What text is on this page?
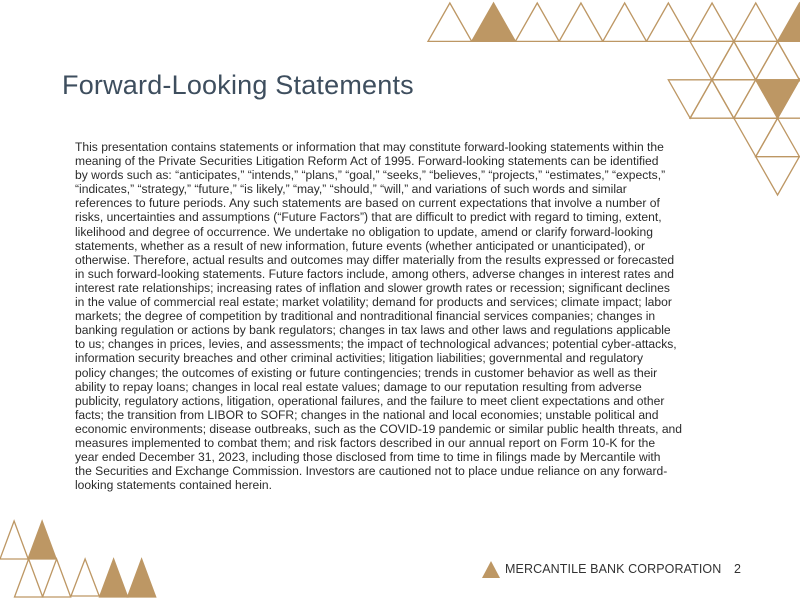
Forward-Looking Statements
This presentation contains statements or information that may constitute forward-looking statements within the
meaning of the Private Securities Litigation Reform Act of 1995. Forward-looking statements can be identified
by words such as: “anticipates,” “intends,” “plans,” “goal,” “seeks,” “believes,” “projects,” “estimates,” “expects,”
“indicates,” “strategy,” “future,” “is likely,” “may,” “should,” “will,” and variations of such words and similar
references to future periods. Any such statements are based on current expectations that involve a number of
risks, uncertainties and assumptions (“Future Factors”) that are difficult to predict with regard to timing, extent,
likelihood and degree of occurrence. We undertake no obligation to update, amend or clarify forward-looking
statements, whether as a result of new information, future events (whether anticipated or unanticipated), or
otherwise. Therefore, actual results and outcomes may differ materially from the results expressed or forecasted
in such forward-looking statements. Future factors include, among others, adverse changes in interest rates and
interest rate relationships; increasing rates of inflation and slower growth rates or recession; significant declines
in the value of commercial real estate; market volatility; demand for products and services; climate impact; labor
markets; the degree of competition by traditional and nontraditional financial services companies; changes in
banking regulation or actions by bank regulators; changes in tax laws and other laws and regulations applicable
to us; changes in prices, levies, and assessments; the impact of technological advances; potential cyber-attacks,
information security breaches and other criminal activities; litigation liabilities; governmental and regulatory
policy changes; the outcomes of existing or future contingencies; trends in customer behavior as well as their
ability to repay loans; changes in local real estate values; damage to our reputation resulting from adverse
publicity, regulatory actions, litigation, operational failures, and the failure to meet client expectations and other
facts; the transition from LIBOR to SOFR; changes in the national and local economies; unstable political and
economic environments; disease outbreaks, such as the COVID-19 pandemic or similar public health threats, and
measures implemented to combat them; and risk factors described in our annual report on Form 10-K for the
year ended December 31, 2023, including those disclosed from time to time in filings made by Mercantile with
the Securities and Exchange Commission. Investors are cautioned not to place undue reliance on any forward-
looking statements contained herein.
MERCANTILE BANK CORPORATION 2
